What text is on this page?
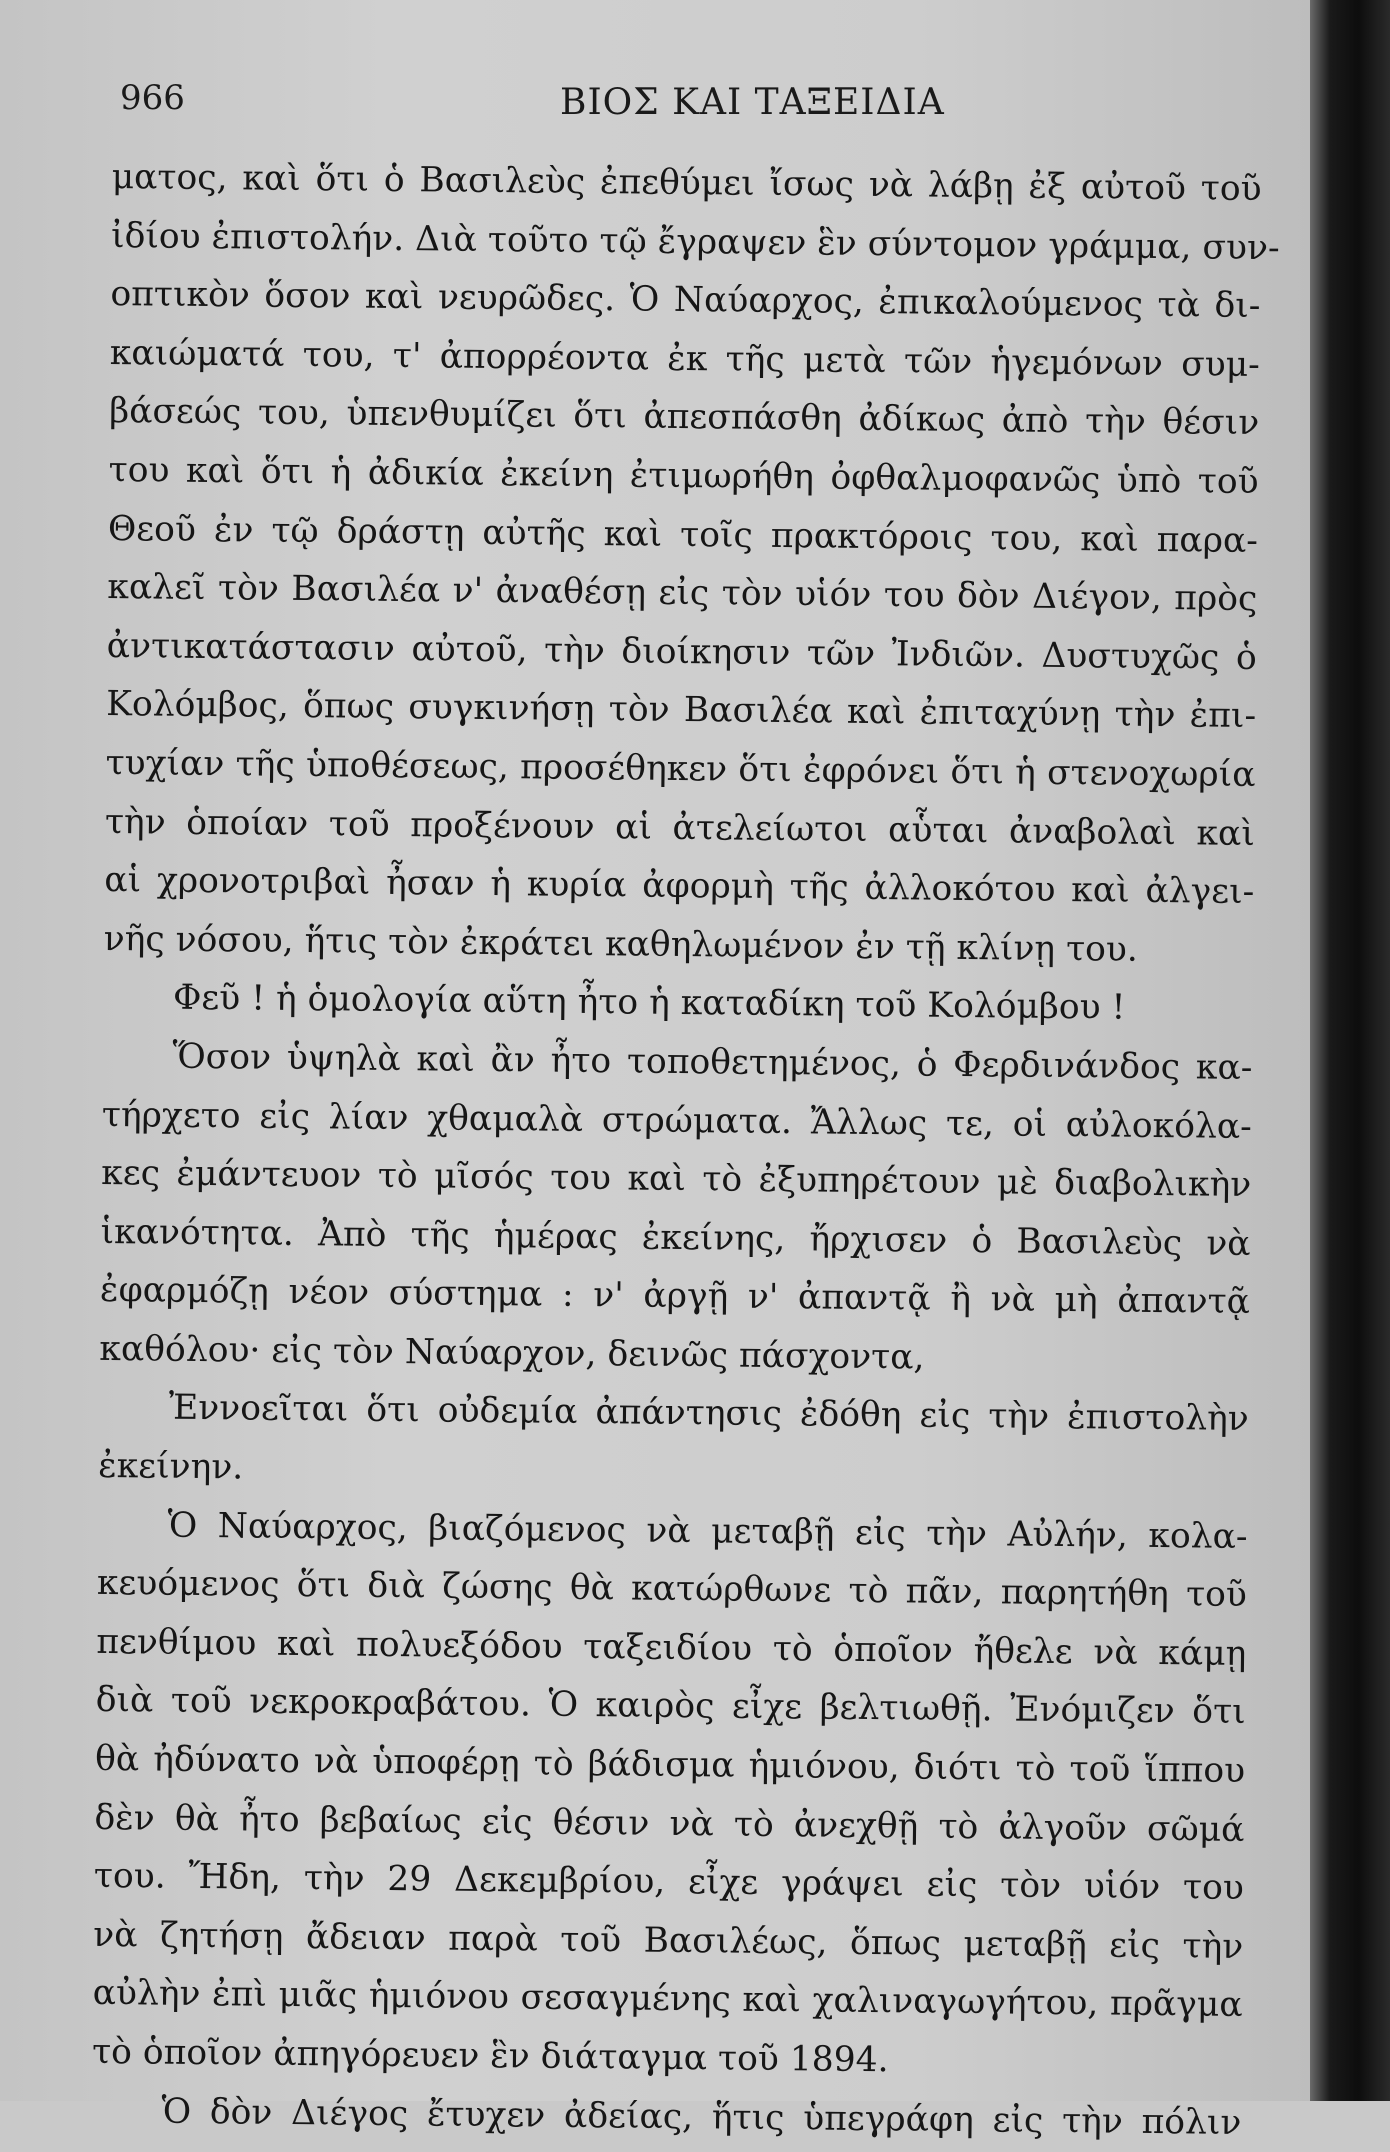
966	ΒΙΟΣ ΚΑΙ ΤΑΞΕΙΔΙΑ
ματος, καὶ ὅτι ὁ Βασιλεὺς ἐπεθύμει ἴσως νὰ λάβῃ ἐξ αὐτοῦ τοῦ
ἰδίου ἐπιστολήν. Διὰ τοῦτο τῷ ἔγραψεν ἓν σύντομον γράμμα, συν-
οπτικὸν ὅσον καὶ νευρῶδες. Ὁ Ναύαρχος, ἐπικαλούμενος τὰ δι-
καιώματά του, τ' ἀπορρέοντα ἐκ τῆς μετὰ τῶν ἡγεμόνων συμ-
βάσεώς του, ὑπενθυμίζει ὅτι ἀπεσπάσθη ἀδίκως ἀπὸ τὴν θέσιν
του καὶ ὅτι ἡ ἀδικία ἐκείνη ἐτιμωρήθη ὀφθαλμοφανῶς ὑπὸ τοῦ
Θεοῦ ἐν τῷ δράστῃ αὐτῆς καὶ τοῖς πρακτόροις του, καὶ παρα-
καλεῖ τὸν Βασιλέα ν' ἀναθέσῃ εἰς τὸν υἱόν του δὸν Διέγον, πρὸς
ἀντικατάστασιν αὐτοῦ, τὴν διοίκησιν τῶν Ἰνδιῶν. Δυστυχῶς ὁ
Κολόμβος, ὅπως συγκινήσῃ τὸν Βασιλέα καὶ ἐπιταχύνῃ τὴν ἐπι-
τυχίαν τῆς ὑποθέσεως, προσέθηκεν ὅτι ἐφρόνει ὅτι ἡ στενοχωρία
τὴν ὁποίαν τοῦ προξένουν αἱ ἀτελείωτοι αὗται ἀναβολαὶ καὶ
αἱ χρονοτριβαὶ ἦσαν ἡ κυρία ἀφορμὴ τῆς ἀλλοκότου καὶ ἀλγει-
νῆς νόσου, ἥτις τὸν ἐκράτει καθηλωμένον ἐν τῇ κλίνῃ του.
Φεῦ ! ἡ ὁμολογία αὕτη ἦτο ἡ καταδίκη τοῦ Κολόμβου !
Ὅσον ὑψηλὰ καὶ ἂν ἦτο τοποθετημένος, ὁ Φερδινάνδος κα-
τήρχετο εἰς λίαν χθαμαλὰ στρώματα. Ἄλλως τε, οἱ αὐλοκόλα-
κες ἐμάντευον τὸ μῖσός του καὶ τὸ ἐξυπηρέτουν μὲ διαβολικὴν
ἱκανότητα. Ἀπὸ τῆς ἡμέρας ἐκείνης, ἤρχισεν ὁ Βασιλεὺς νὰ
ἐφαρμόζῃ νέον σύστημα : ν' ἀργῇ ν' ἀπαντᾷ ἢ νὰ μὴ ἀπαντᾷ
καθόλου· εἰς τὸν Ναύαρχον, δεινῶς πάσχοντα,
Ἐννοεῖται ὅτι οὐδεμία ἀπάντησις ἐδόθη εἰς τὴν ἐπιστολὴν
ἐκείνην.
Ὁ Ναύαρχος, βιαζόμενος νὰ μεταβῇ εἰς τὴν Αὐλήν, κολα-
κευόμενος ὅτι διὰ ζώσης θὰ κατώρθωνε τὸ πᾶν, παρητήθη τοῦ
πενθίμου καὶ πολυεξόδου ταξειδίου τὸ ὁποῖον ἤθελε νὰ κάμῃ
διὰ τοῦ νεκροκραβάτου. Ὁ καιρὸς εἶχε βελτιωθῇ. Ἐνόμιζεν ὅτι
θὰ ἠδύνατο νὰ ὑποφέρῃ τὸ βάδισμα ἡμιόνου, διότι τὸ τοῦ ἵππου
δὲν θὰ ἦτο βεβαίως εἰς θέσιν νὰ τὸ ἀνεχθῇ τὸ ἀλγοῦν σῶμά
του. Ἤδη, τὴν 29 Δεκεμβρίου, εἶχε γράψει εἰς τὸν υἱόν του
νὰ ζητήσῃ ἄδειαν παρὰ τοῦ Βασιλέως, ὅπως μεταβῇ εἰς τὴν
αὐλὴν ἐπὶ μιᾶς ἡμιόνου σεσαγμένης καὶ χαλιναγωγήτου, πρᾶγμα
τὸ ὁποῖον ἀπηγόρευεν ἓν διάταγμα τοῦ 1894.
Ὁ δὸν Διέγος ἔτυχεν ἀδείας, ἥτις ὑπεγράφη εἰς τὴν πόλιν
